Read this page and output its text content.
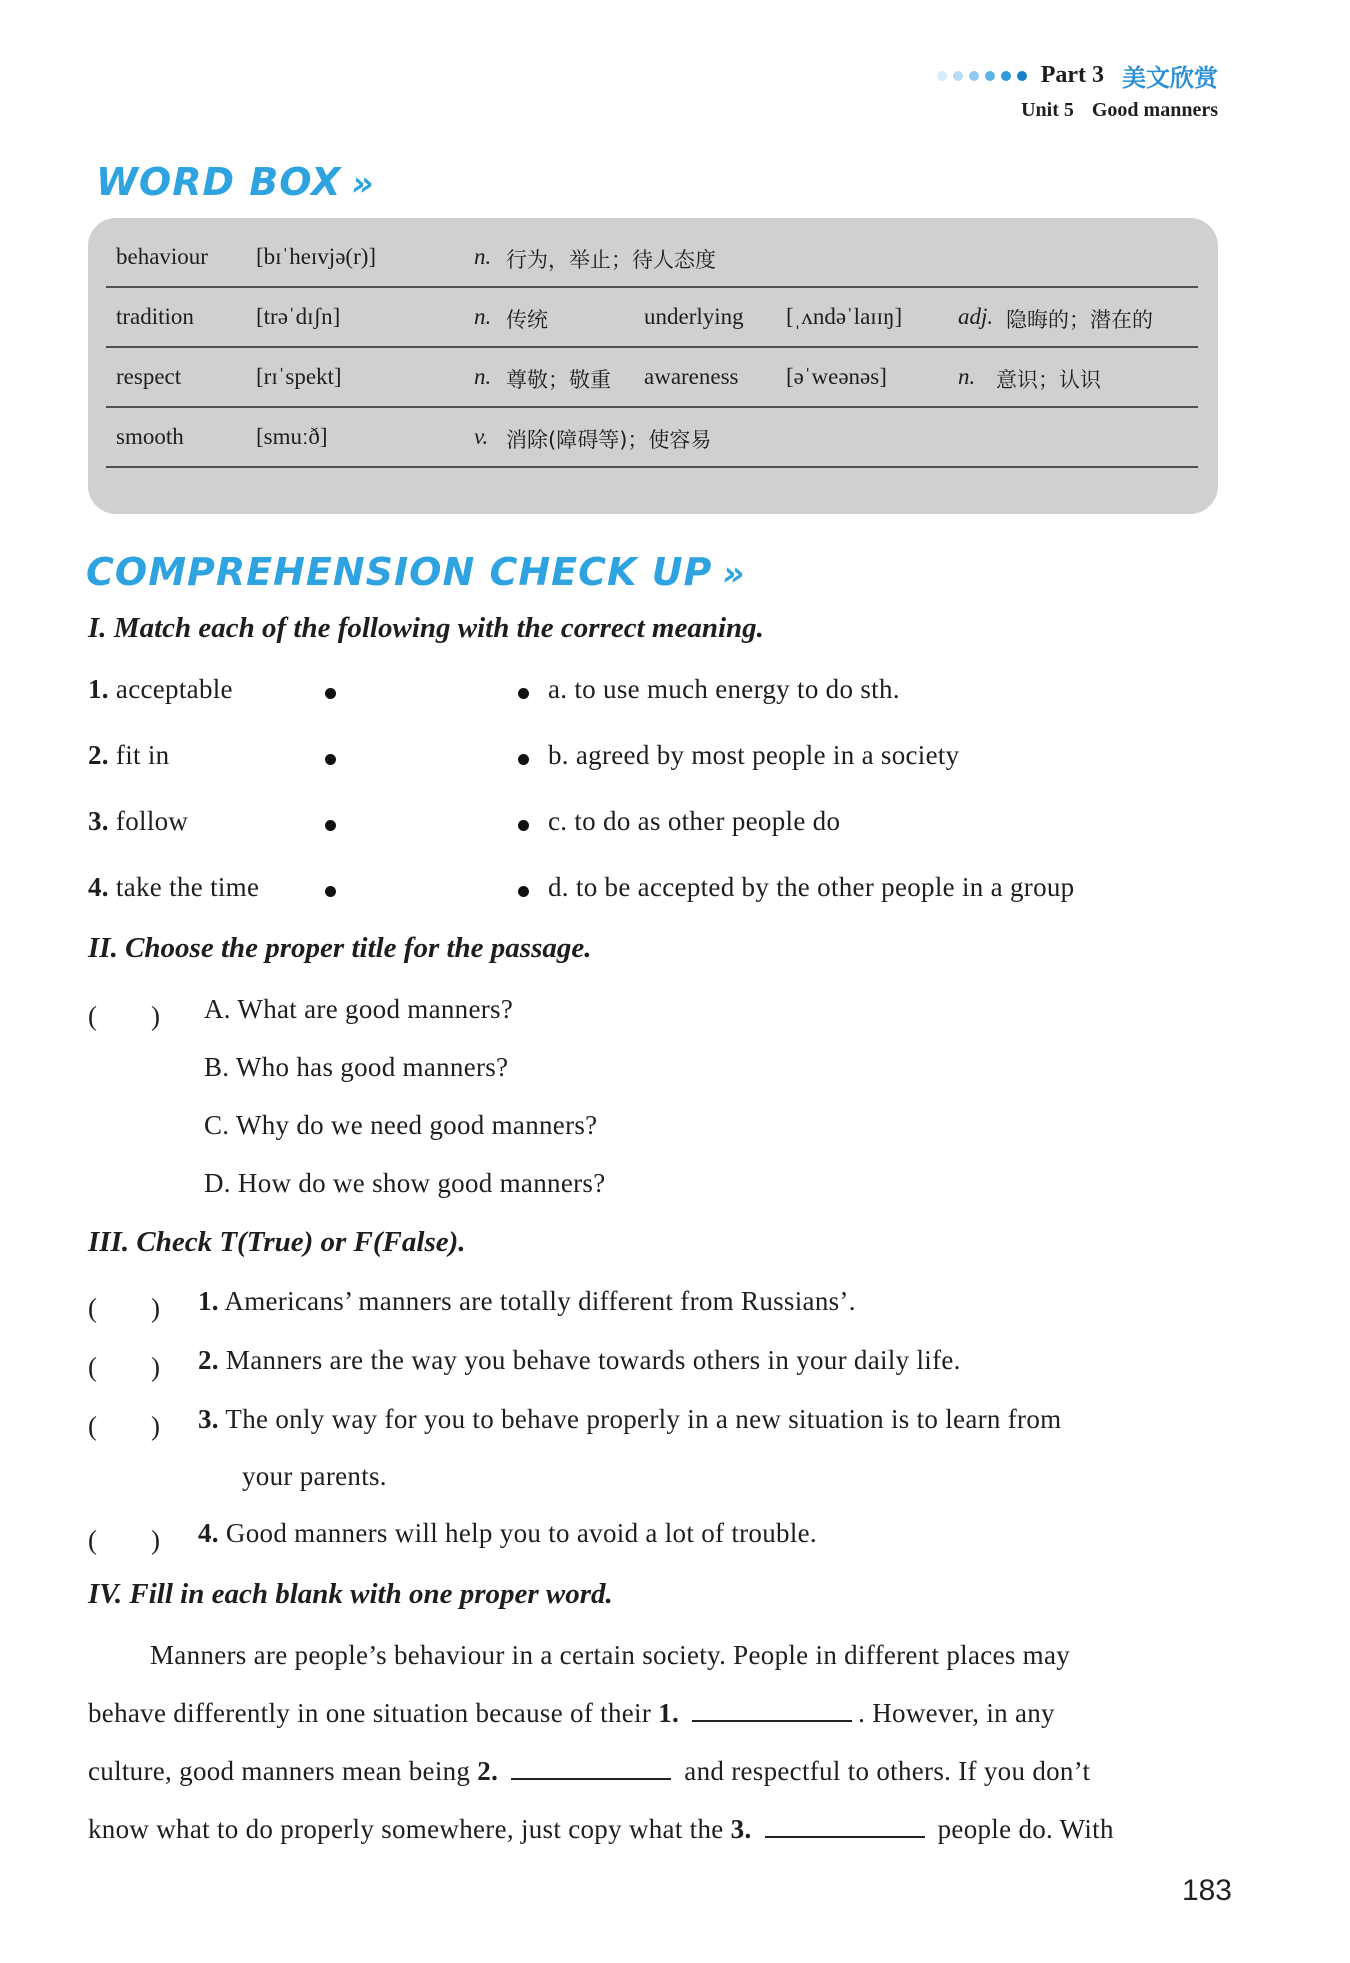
Part 3 美文欣赏
Unit 5 Good manners
WORD BOX »
behaviour [bɪˈheɪvjə(r)]	n. 行为，举止；待人态度
tradition	[trəˈdɪʃn]	n. 传统	underlying [ˌʌndəˈlaɪɪŋ] adj. 隐晦的；潜在的
respect	[rɪˈspekt]	n. 尊敬；敬重 awareness [əˈweənəs]	n. 意识；认识
smooth	[smuːð]	v. 消除(障碍等)；使容易
COMPREHENSION CHECK UP »
I. Match each of the following with the correct meaning.
1. acceptable
2. fit in
3. follow
4. take the time
a. to use much energy to do sth.
b. agreed by most people in a society
c. to do as other people do
d. to be accepted by the other people in a group
II. Choose the proper title for the passage.
(　　) A. What are good manners?
B. Who has good manners?
C. Why do we need good manners?
D. How do we show good manners?
III. Check T(True) or F(False).
(　　) 1. Americans’ manners are totally different from Russians’.
(　　) 2. Manners are the way you behave towards others in your daily life.
(　　) 3. The only way for you to behave properly in a new situation is to learn from
your parents.
(　　) 4. Good manners will help you to avoid a lot of trouble.
IV. Fill in each blank with one proper word.
Manners are people’s behaviour in a certain society. People in different places may
behave differently in one situation because of their 1.	. However, in any
culture, good manners mean being 2.	and respectful to others. If you don’t
know what to do properly somewhere, just copy what the 3.	people do. With
183
